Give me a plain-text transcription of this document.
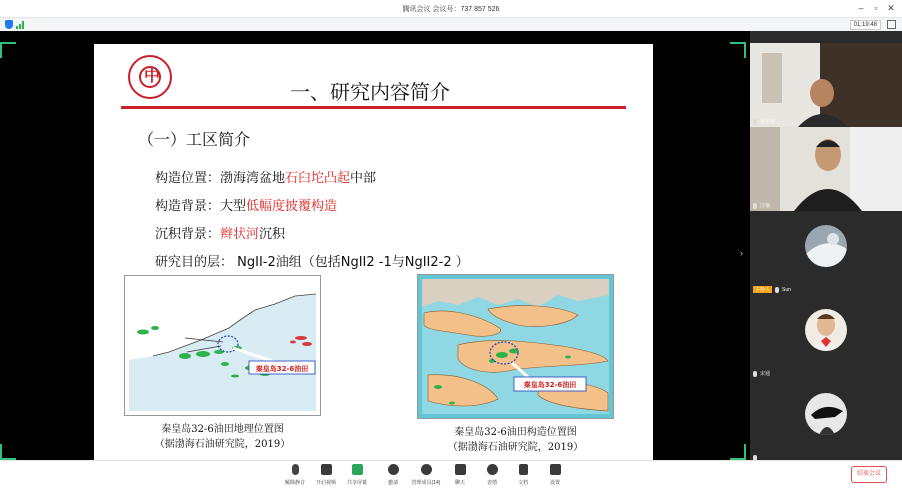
腾讯会议 会议号：737 857 526	–	▫	✕
01:19:48
中
一、研究内容简介
（一）工区简介
构造位置：渤海湾盆地石臼坨凸起中部
构造背景：大型低幅度披覆构造
沉积背景：辫状河沉积
研究目的层： NgII-2油组（包括NgII2 -1与NgII2-2 ）
秦皇岛32-6油田
秦皇岛32-6油田地理位置图
（据渤海石油研究院，2019）
秦皇岛32-6油田
秦皇岛32-6油田构造位置图
（据渤海石油研究院，2019）
›
胡华玮
汪瑜
主持人	Sun
宋通
解除静音	开启视频	共享屏幕	邀请	管理成员(14)	聊天	表情	文档	设置
结束会议
